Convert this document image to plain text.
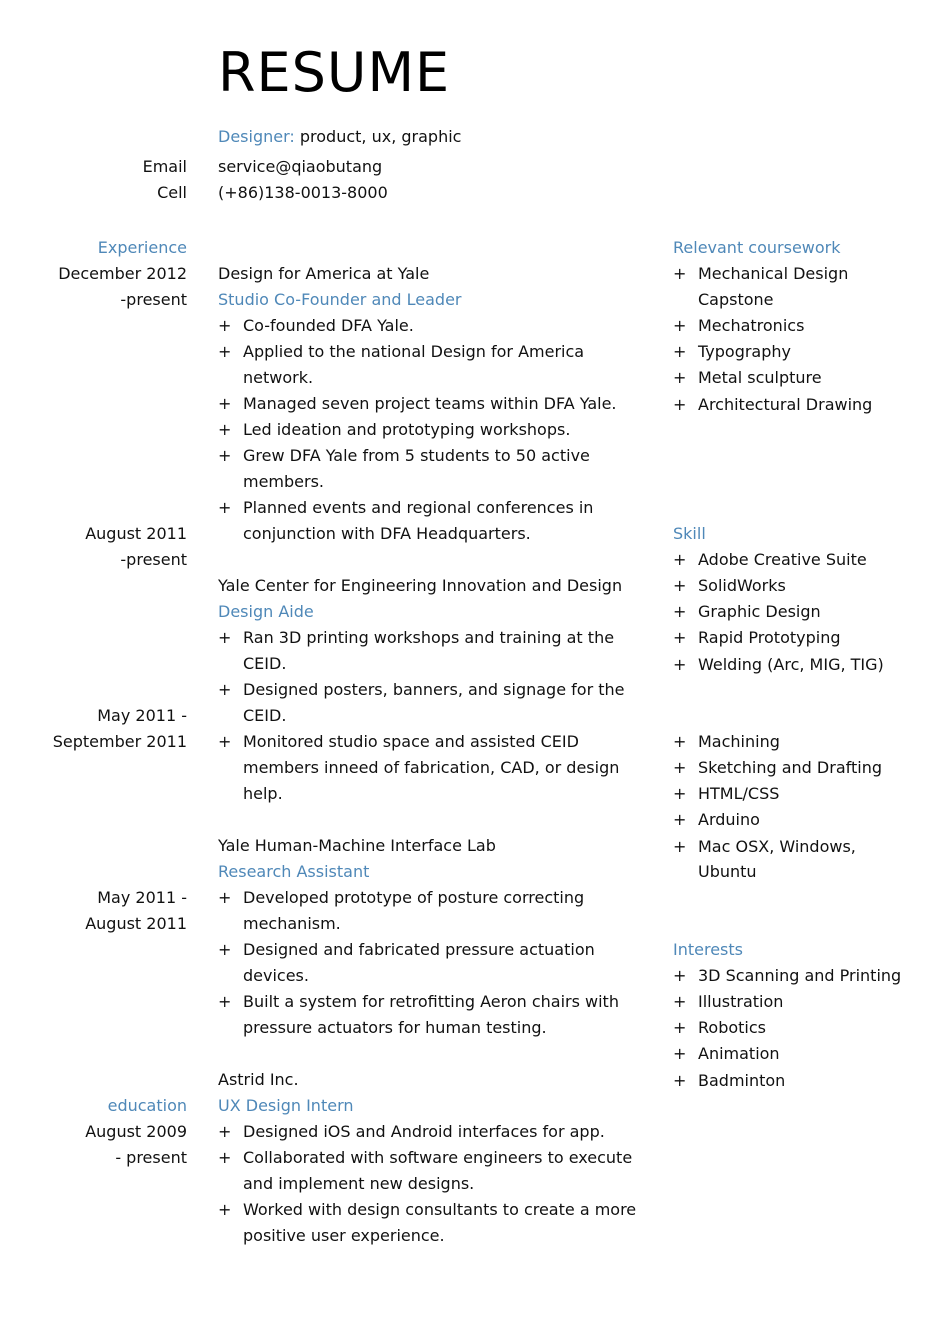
RESUME
Designer: product, ux, graphic
Email service@qiaobutang
Cell (+86)138-0013-8000
Experience
December 2012
-present
August 2011
-present
May 2011 -
September 2011
May 2011 -
August 2011
education
August 2009
- present
Design for America at Yale
Studio Co-Founder and Leader
+ Co-founded DFA Yale.
+ Applied to the national Design for America
network.
+ Managed seven project teams within DFA Yale.
+ Led ideation and prototyping workshops.
+ Grew DFA Yale from 5 students to 50 active
members.
+ Planned events and regional conferences in
conjunction with DFA Headquarters.
Yale Center for Engineering Innovation and Design
Design Aide
+ Ran 3D printing workshops and training at the
CEID.
+ Designed posters, banners, and signage for the
CEID.
+ Monitored studio space and assisted CEID
members inneed of fabrication, CAD, or design
help.
Yale Human-Machine Interface Lab
Research Assistant
+ Developed prototype of posture correcting
mechanism.
+ Designed and fabricated pressure actuation
devices.
+ Built a system for retrofitting Aeron chairs with
pressure actuators for human testing.
Astrid Inc.
UX Design Intern
+ Designed iOS and Android interfaces for app.
+ Collaborated with software engineers to execute
and implement new designs.
+ Worked with design consultants to create a more
positive user experience.
Relevant coursework
+ Mechanical Design
Capstone
+ Mechatronics
+ Typography
+ Metal sculpture
+ Architectural Drawing
Skill
+ Adobe Creative Suite
+ SolidWorks
+ Graphic Design
+ Rapid Prototyping
+ Welding (Arc, MIG, TIG)
+ Machining
+ Sketching and Drafting
+ HTML/CSS
+ Arduino
+ Mac OSX, Windows,
Ubuntu
Interests
+ 3D Scanning and Printing
+ Illustration
+ Robotics
+ Animation
+ Badminton
